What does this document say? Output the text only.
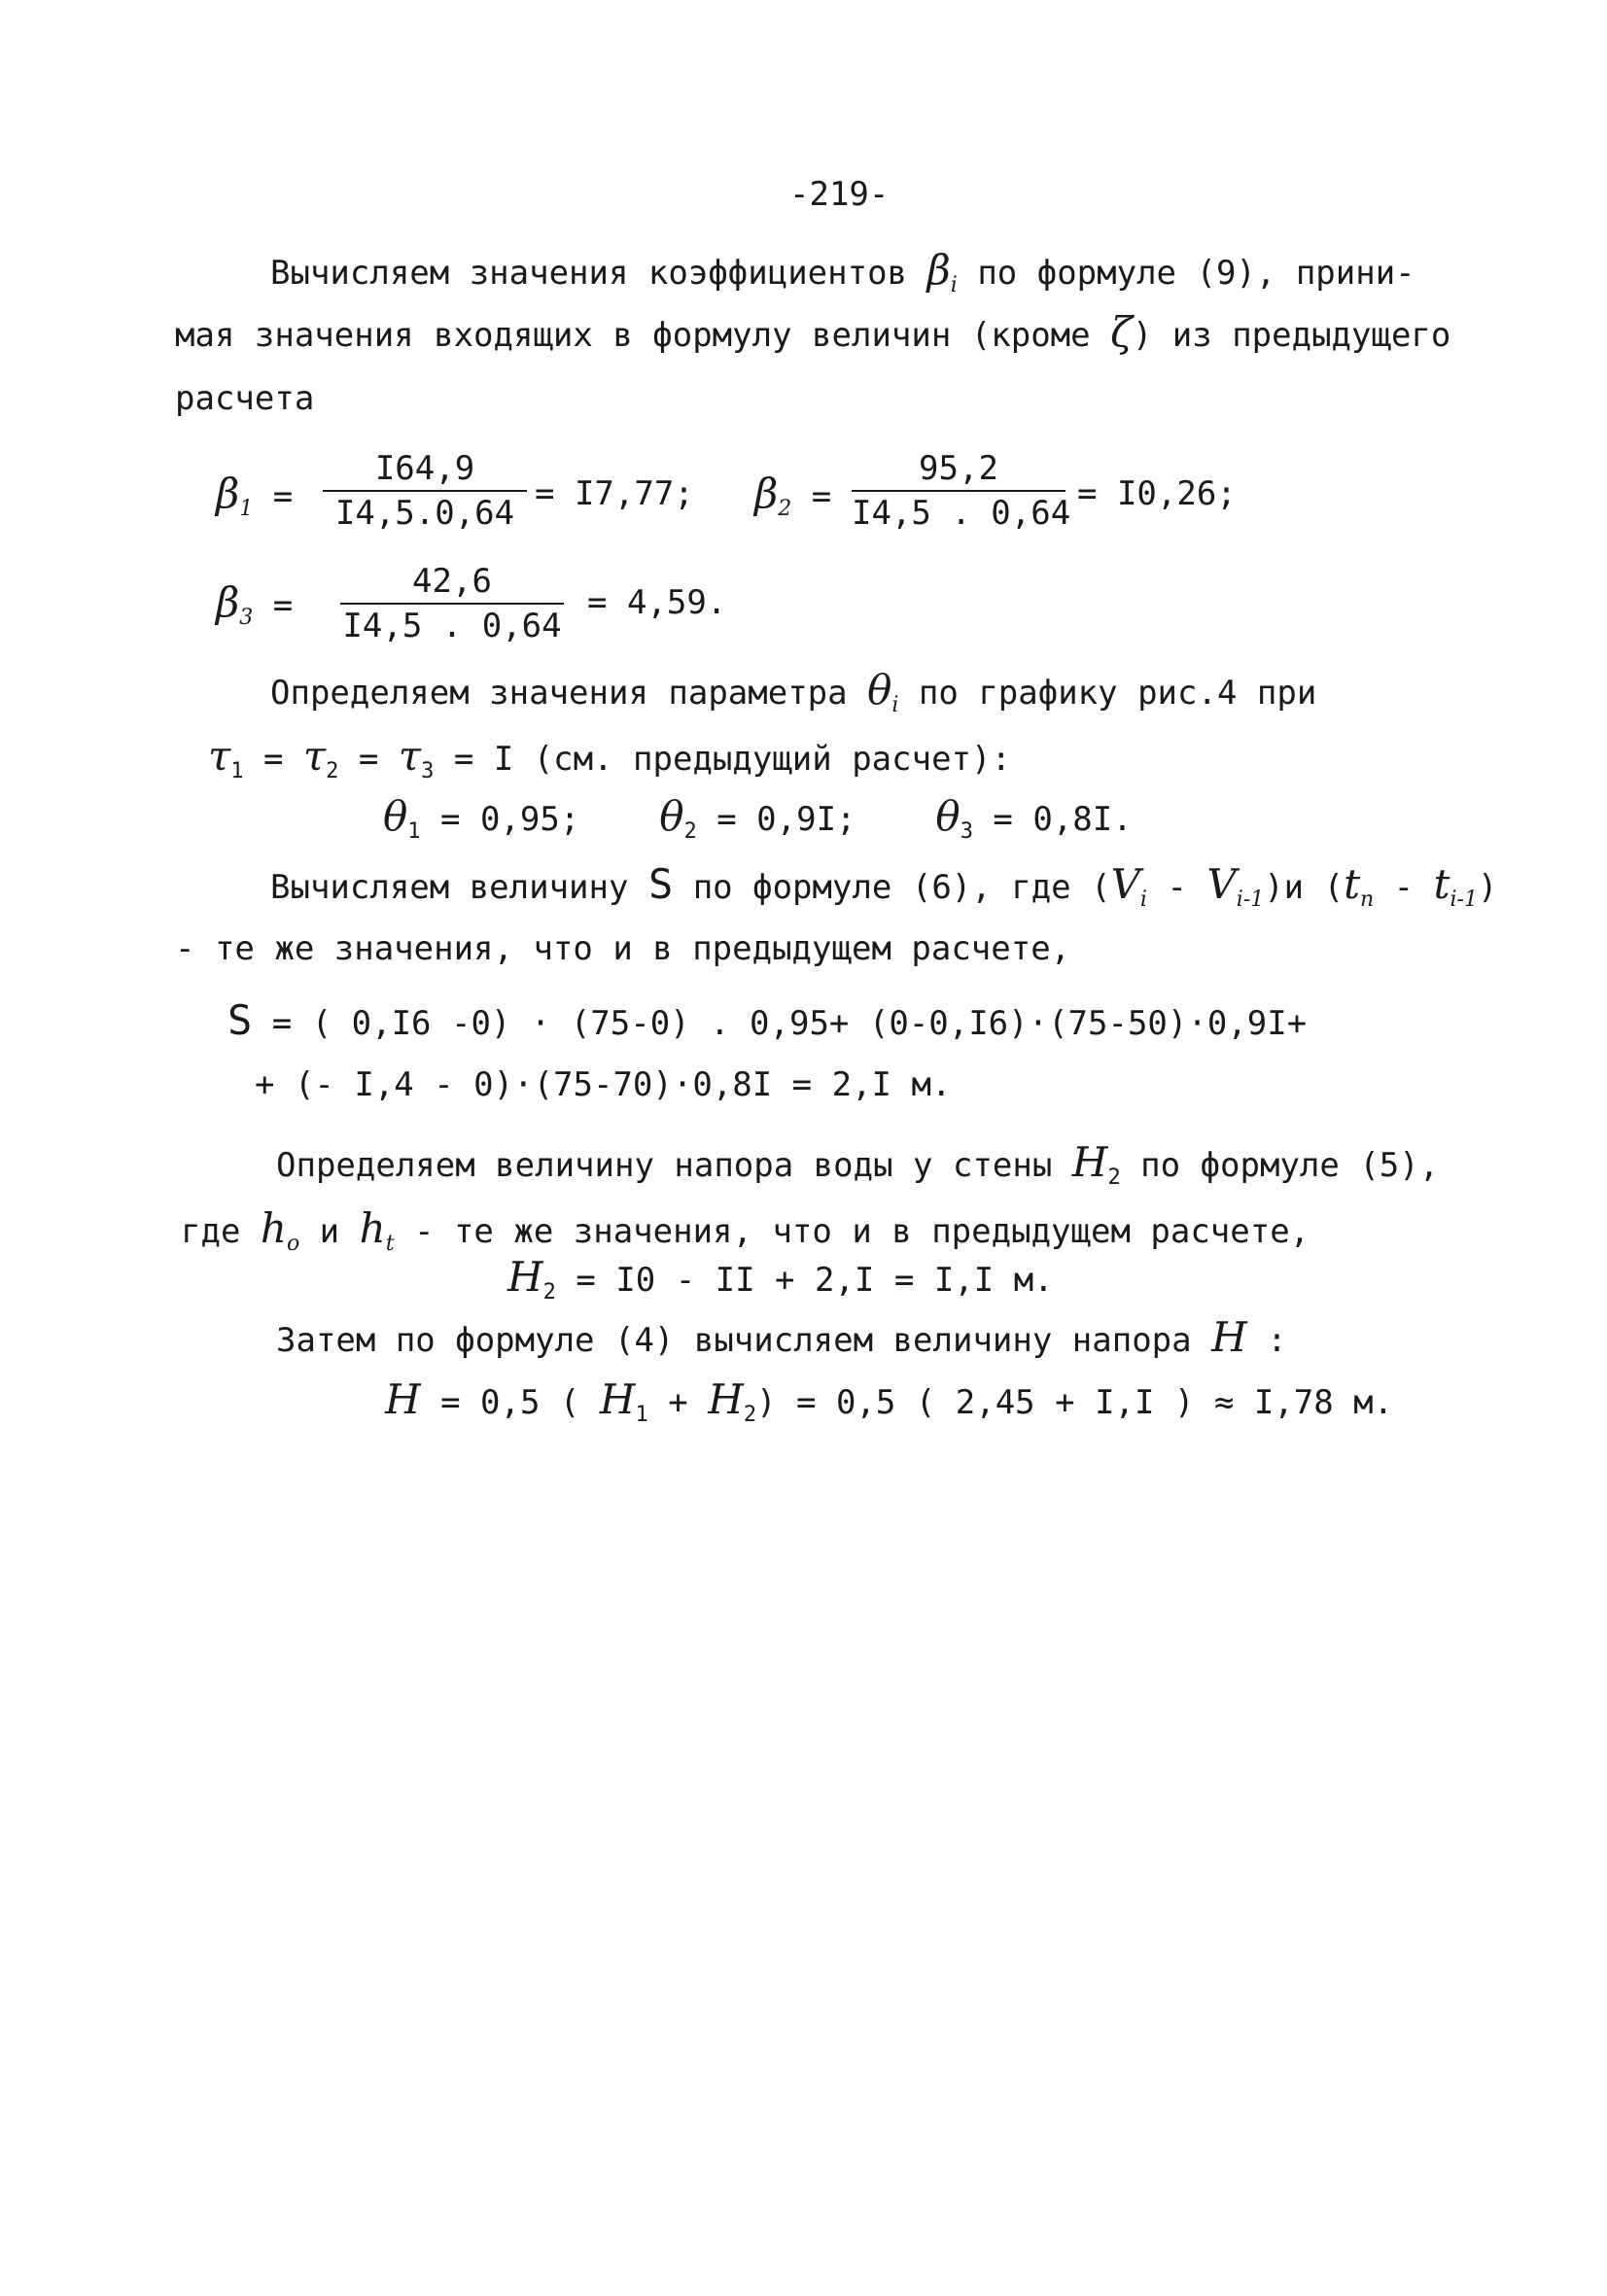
-219-
Вычисляем значения коэффициентов $\beta_i$ по формуле (9), прини-
мая значения входящих в формулу величин (кроме ζ) из предыдущего
расчета
$\beta_1 = \frac{I64,9}{I4,5.0,64} = I7,77$; $\beta_2 = \frac{95,2}{I4,5 . 0,64} = I0,26$;
$\beta_3 = \frac{42,6}{I4,5 . 0,64} = 4,59$.
Определяем значения параметра $\theta_i$ по графику рис.4 при
$\tau_1 = \tau_2 = \tau_3 = I$ (см. предыдущий расчет):
$\theta_1 = 0,95$; $\theta_2 = 0,9I$; $\theta_3 = 0,8I$.
Вычисляем величину S по формуле (6), где $(V_i - V_{i-1})и$ $(t_n - t_{i-1})$
- те же значения, что и в предыдущем расчете,
S = ( 0,I6 -0) · (75-0) . 0,95+ (0-0,I6)·(75-50)·0,9I+
+ (- I,4 - 0)·(75-70)·0,8I = 2,I м.
Определяем величину напора воды у стены $H_2$ по формуле (5),
где $h_o$ и $h_t$ - те же значения, что и в предыдущем расчете,
$H_2 = I0$ - II + 2,I = I,I м.
Затем по формуле (4) вычисляем величину напора H :
H = 0,5 ( $H_1 + H_2) = 0,5$ ( 2,45 + I,I ) ≈ I,78 м.
